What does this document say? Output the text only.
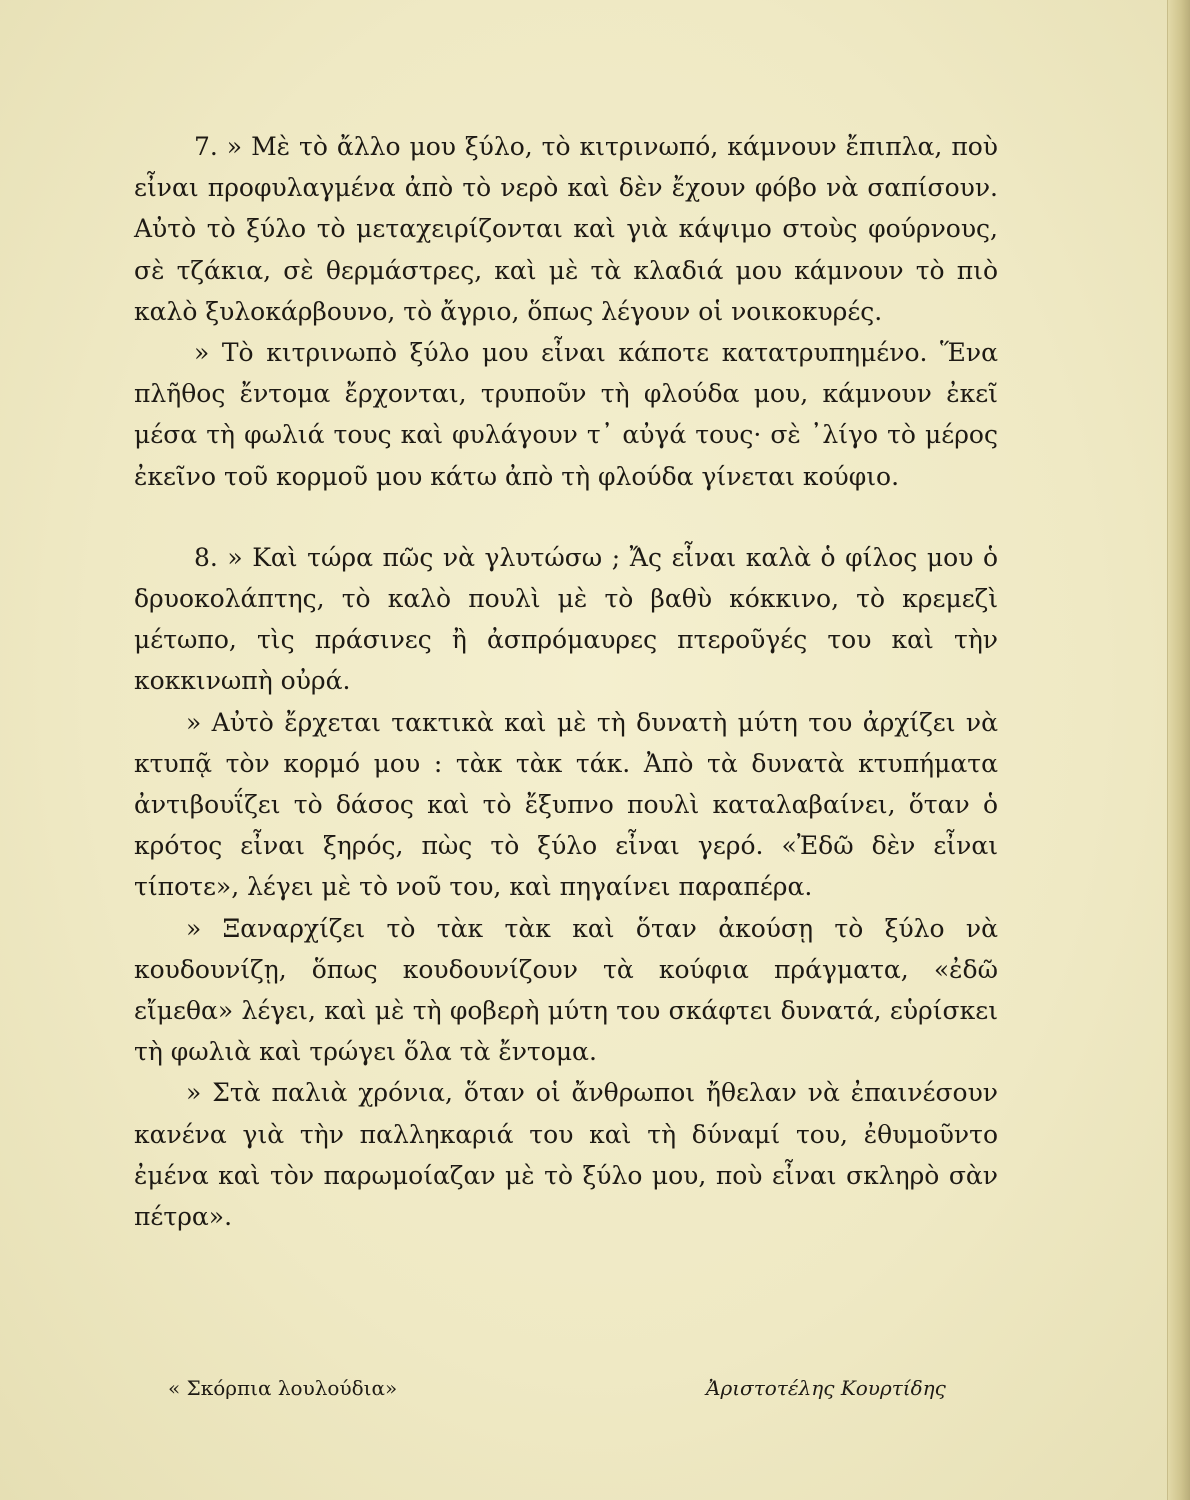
7. » Μὲ τὸ ἄλλο μου ξύλο, τὸ κιτρινωπό, κάμνουν ἔπιπλα, ποὺ εἶναι προφυλαγμένα ἀπὸ τὸ νερὸ καὶ δὲν ἔχουν φόβο νὰ σαπίσουν. Αὐτὸ τὸ ξύλο τὸ μεταχειρίζονται καὶ γιὰ κάψιμο στοὺς φούρνους, σὲ τζάκια, σὲ θερμάστρες, καὶ μὲ τὰ κλαδιά μου κάμνουν τὸ πιὸ καλὸ ξυλοκάρβουνο, τὸ ἄγριο, ὅπως λέγουν οἱ νοικοκυρές.

» Τὸ κιτρινωπὸ ξύλο μου εἶναι κάποτε κατατρυπημένο. Ἕνα πλῆθος ἔντομα ἔρχονται, τρυποῦν τὴ φλούδα μου, κάμνουν ἐκεῖ μέσα τὴ φωλιά τους καὶ φυλάγουν τ᾽ αὐγά τους· σὲ ᾽λίγο τὸ μέρος ἐκεῖνο τοῦ κορμοῦ μου κάτω ἀπὸ τὴ φλούδα γίνεται κούφιο.

8. » Καὶ τώρα πῶς νὰ γλυτώσω ; Ἄς εἶναι καλὰ ὁ φίλος μου ὁ δρυοκολάπτης, τὸ καλὸ πουλὶ μὲ τὸ βαθὺ κόκκινο, τὸ κρεμεζὶ μέτωπο, τὶς πράσινες ἢ ἀσπρόμαυρες πτεροῦγές του καὶ τὴν κοκκινωπὴ οὐρά.

» Αὐτὸ ἔρχεται τακτικὰ καὶ μὲ τὴ δυνατὴ μύτη του ἀρχίζει νὰ κτυπᾷ τὸν κορμό μου : τὰκ τὰκ τάκ. Ἀπὸ τὰ δυνατὰ κτυπήματα ἀντιβουΐζει τὸ δάσος καὶ τὸ ἔξυπνο πουλὶ καταλαβαίνει, ὅταν ὁ κρότος εἶναι ξηρός, πὼς τὸ ξύλο εἶναι γερό. «Ἐδῶ δὲν εἶναι τίποτε», λέγει μὲ τὸ νοῦ του, καὶ πηγαίνει παραπέρα.

» Ξαναρχίζει τὸ τὰκ τὰκ καὶ ὅταν ἀκούσῃ τὸ ξύλο νὰ κουδουνίζῃ, ὅπως κουδουνίζουν τὰ κούφια πράγματα, «ἐδῶ εἴμεθα» λέγει, καὶ μὲ τὴ φοβερὴ μύτη του σκάφτει δυνατά, εὑρίσκει τὴ φωλιὰ καὶ τρώγει ὅλα τὰ ἔντομα.

» Στὰ παλιὰ χρόνια, ὅταν οἱ ἄνθρωποι ἤθελαν νὰ ἐπαινέσουν κανένα γιὰ τὴν παλληκαριά του καὶ τὴ δύναμί του, ἐθυμοῦντο ἐμένα καὶ τὸν παρωμοίαζαν μὲ τὸ ξύλο μου, ποὺ εἶναι σκληρὸ σὰν πέτρα».

« Σκόρπια λουλούδια»	Ἀριστοτέλης Κουρτίδης
